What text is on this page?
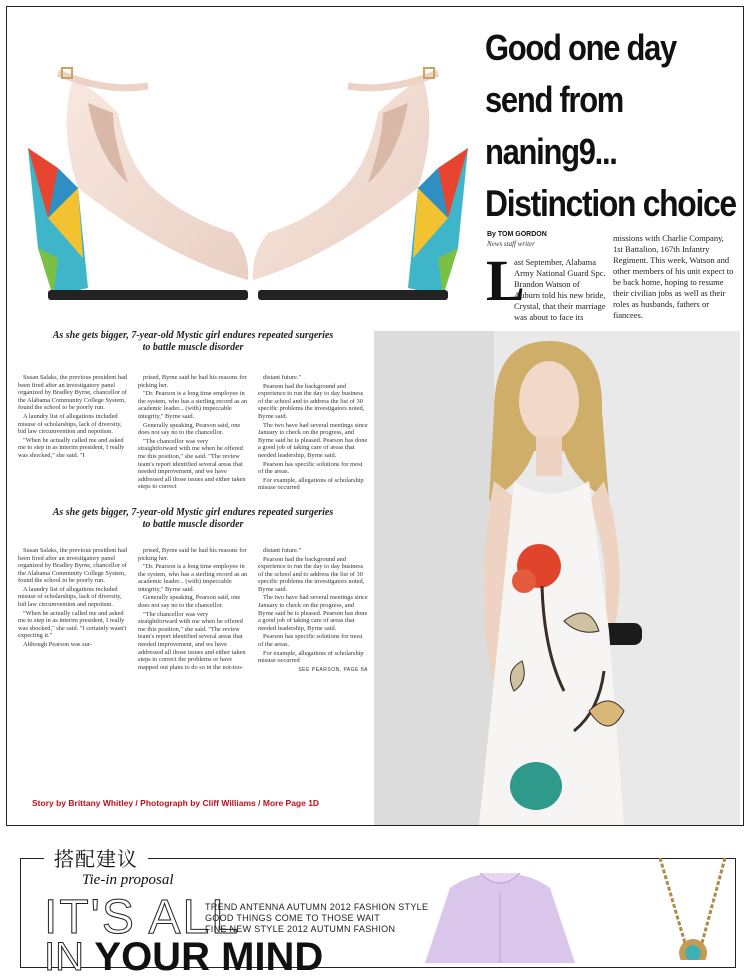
Good one day
send from
naning9...
Distinction choice
By TOM GORDON
News staff writer
L
ast September, Alabama Army National Guard Spc. Brandon Watson of Auburn told his new bride, Crystal, that their marriage was about to face its
missions with Charlie Company, 1st Battalion, 167th Infantry Regiment. This week, Watson and other members of his unit expect to be back home, hoping to resume their civilian jobs as well as their roles as husbands, fathers or fiancees.
As she gets bigger, 7-year-old Mystic girl endures repeated surgeries to battle muscle disorder

Susan Salaks, the previous president had been fired after an investigatory panel organized by Bradley Byrne, chancellor of the Alabama Community College System, found the school to be poorly run.

A laundry list of allegations included misuse of scholarships, lack of diversity, bid law circumvention and nepotism.

"When he actually called me and asked me to step in as interim president, I really was shocked," she said. "I

prised, Byrne said he had his reasons for picking her.

"Dr. Pearson is a long time employee in the system, who has a sterling record as an academic leader... (with) impeccable integrity," Byrne said.

Generally speaking, Pearson said, one does not say no to the chancellor.

"The chancellor was very straightforward with me when he offered me this position," she said. "The review team's report identified several areas that needed improvement, and we have addressed all those issues and either taken steps to correct

distant future."

Pearson had the background and experience to run the day to day business of the school and to address the list of 30 specific problems the investigators noted, Byrne said.

The two have had several meetings since January to check on the progress, and Byrne said he is pleased. Pearson has done a good job of taking care of areas that needed leadership, Byrne said.

Pearson has specific solutions for most of the areas.

For example, allegations of scholarship misuse occurred

As she gets bigger, 7-year-old Mystic girl endures repeated surgeries to battle muscle disorder

Susan Salaks, the previous president had been fired after an investigatory panel organized by Bradley Byrne, chancellor of the Alabama Community College System, found the school to be poorly run.

A laundry list of allegations included misuse of scholarships, lack of diversity, bid law circumvention and nepotism.

"When he actually called me and asked me to step in as interim president, I really was shocked," she said. "I certainly wasn't expecting it."

Although Pearson was sur-

prised, Byrne said he had his reasons for picking her.

"Dr. Pearson is a long time employee in the system, who has a sterling record as an academic leader... (with) impeccable integrity," Byrne said.

Generally speaking, Pearson said, one does not say no to the chancellor.

"The chancellor was very straightforward with me when he offered me this position," she said. "The review team's report identified several areas that needed improvement, and we have addressed all those issues and either taken steps to correct the problems or have mapped out plans to do so in the not-too-

distant future."

Pearson had the background and experience to run the day to day business of the school and to address the list of 30 specific problems the investigators noted, Byrne said.

The two have had several meetings since January to check on the progress, and Byrne said he is pleased. Pearson has done a good job of taking care of areas that needed leadership, Byrne said.

Pearson has specific solutions for most of the areas.

For example, allegations of scholarship misuse occurred

SEE PEARSON, PAGE 8A
Story by Brittany Whitley / Photograph by Cliff Williams / More Page 1D
搭配建议
Tie-in proposal
IT'S ALL
IN YOUR MIND
TREND ANTENNA AUTUMN 2012 FASHION STYLE
GOOD THINGS COME TO THOSE WAIT
FINE NEW STYLE 2012 AUTUMN FASHION
